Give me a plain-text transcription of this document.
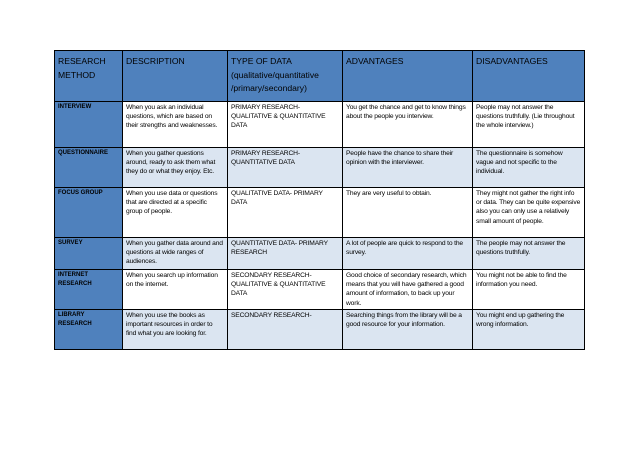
RESEARCH METHOD	DESCRIPTION	TYPE OF DATA (qualitative/quantitative /primary/secondary)	ADVANTAGES	DISADVANTAGES
INTERVIEW	When you ask an individual questions, which are based on their strengths and weaknesses.	PRIMARY RESEARCH-QUALITATIVE & QUANTITATIVE DATA	You get the chance and get to know things about the people you interview.	People may not answer the questions truthfully. (Lie throughout the whole interview.)
QUESTIONNAIRE	When you gather questions around, ready to ask them what they do or what they enjoy. Etc.	PRIMARY RESEARCH-QUANTITATIVE DATA	People have the chance to share their opinion with the interviewer.	The questionnaire is somehow vague and not specific to the individual.
FOCUS GROUP	When you use data or questions that are directed at a specific group of people.	QUALITATIVE DATA- PRIMARY DATA	They are very useful to obtain.	They might not gather the right info or data. They can be quite expensive also you can only use a relatively small amount of people.
SURVEY	When you gather data around and questions at wide ranges of audiences.	QUANTITATIVE DATA- PRIMARY RESEARCH	A lot of people are quick to respond to the survey.	The people may not answer the questions truthfully.
INTERNET RESEARCH	When you search up information on the internet.	SECONDARY RESEARCH-QUALITATIVE & QUANTITATIVE DATA	Good choice of secondary research, which means that you will have gathered a good amount of information, to back up your work.	You might not be able to find the information you need.
LIBRARY RESEARCH	When you use the books as important resources in order to find what you are looking for.	SECONDARY RESEARCH-	Searching things from the library will be a good resource for your information.	You might end up gathering the wrong information.
